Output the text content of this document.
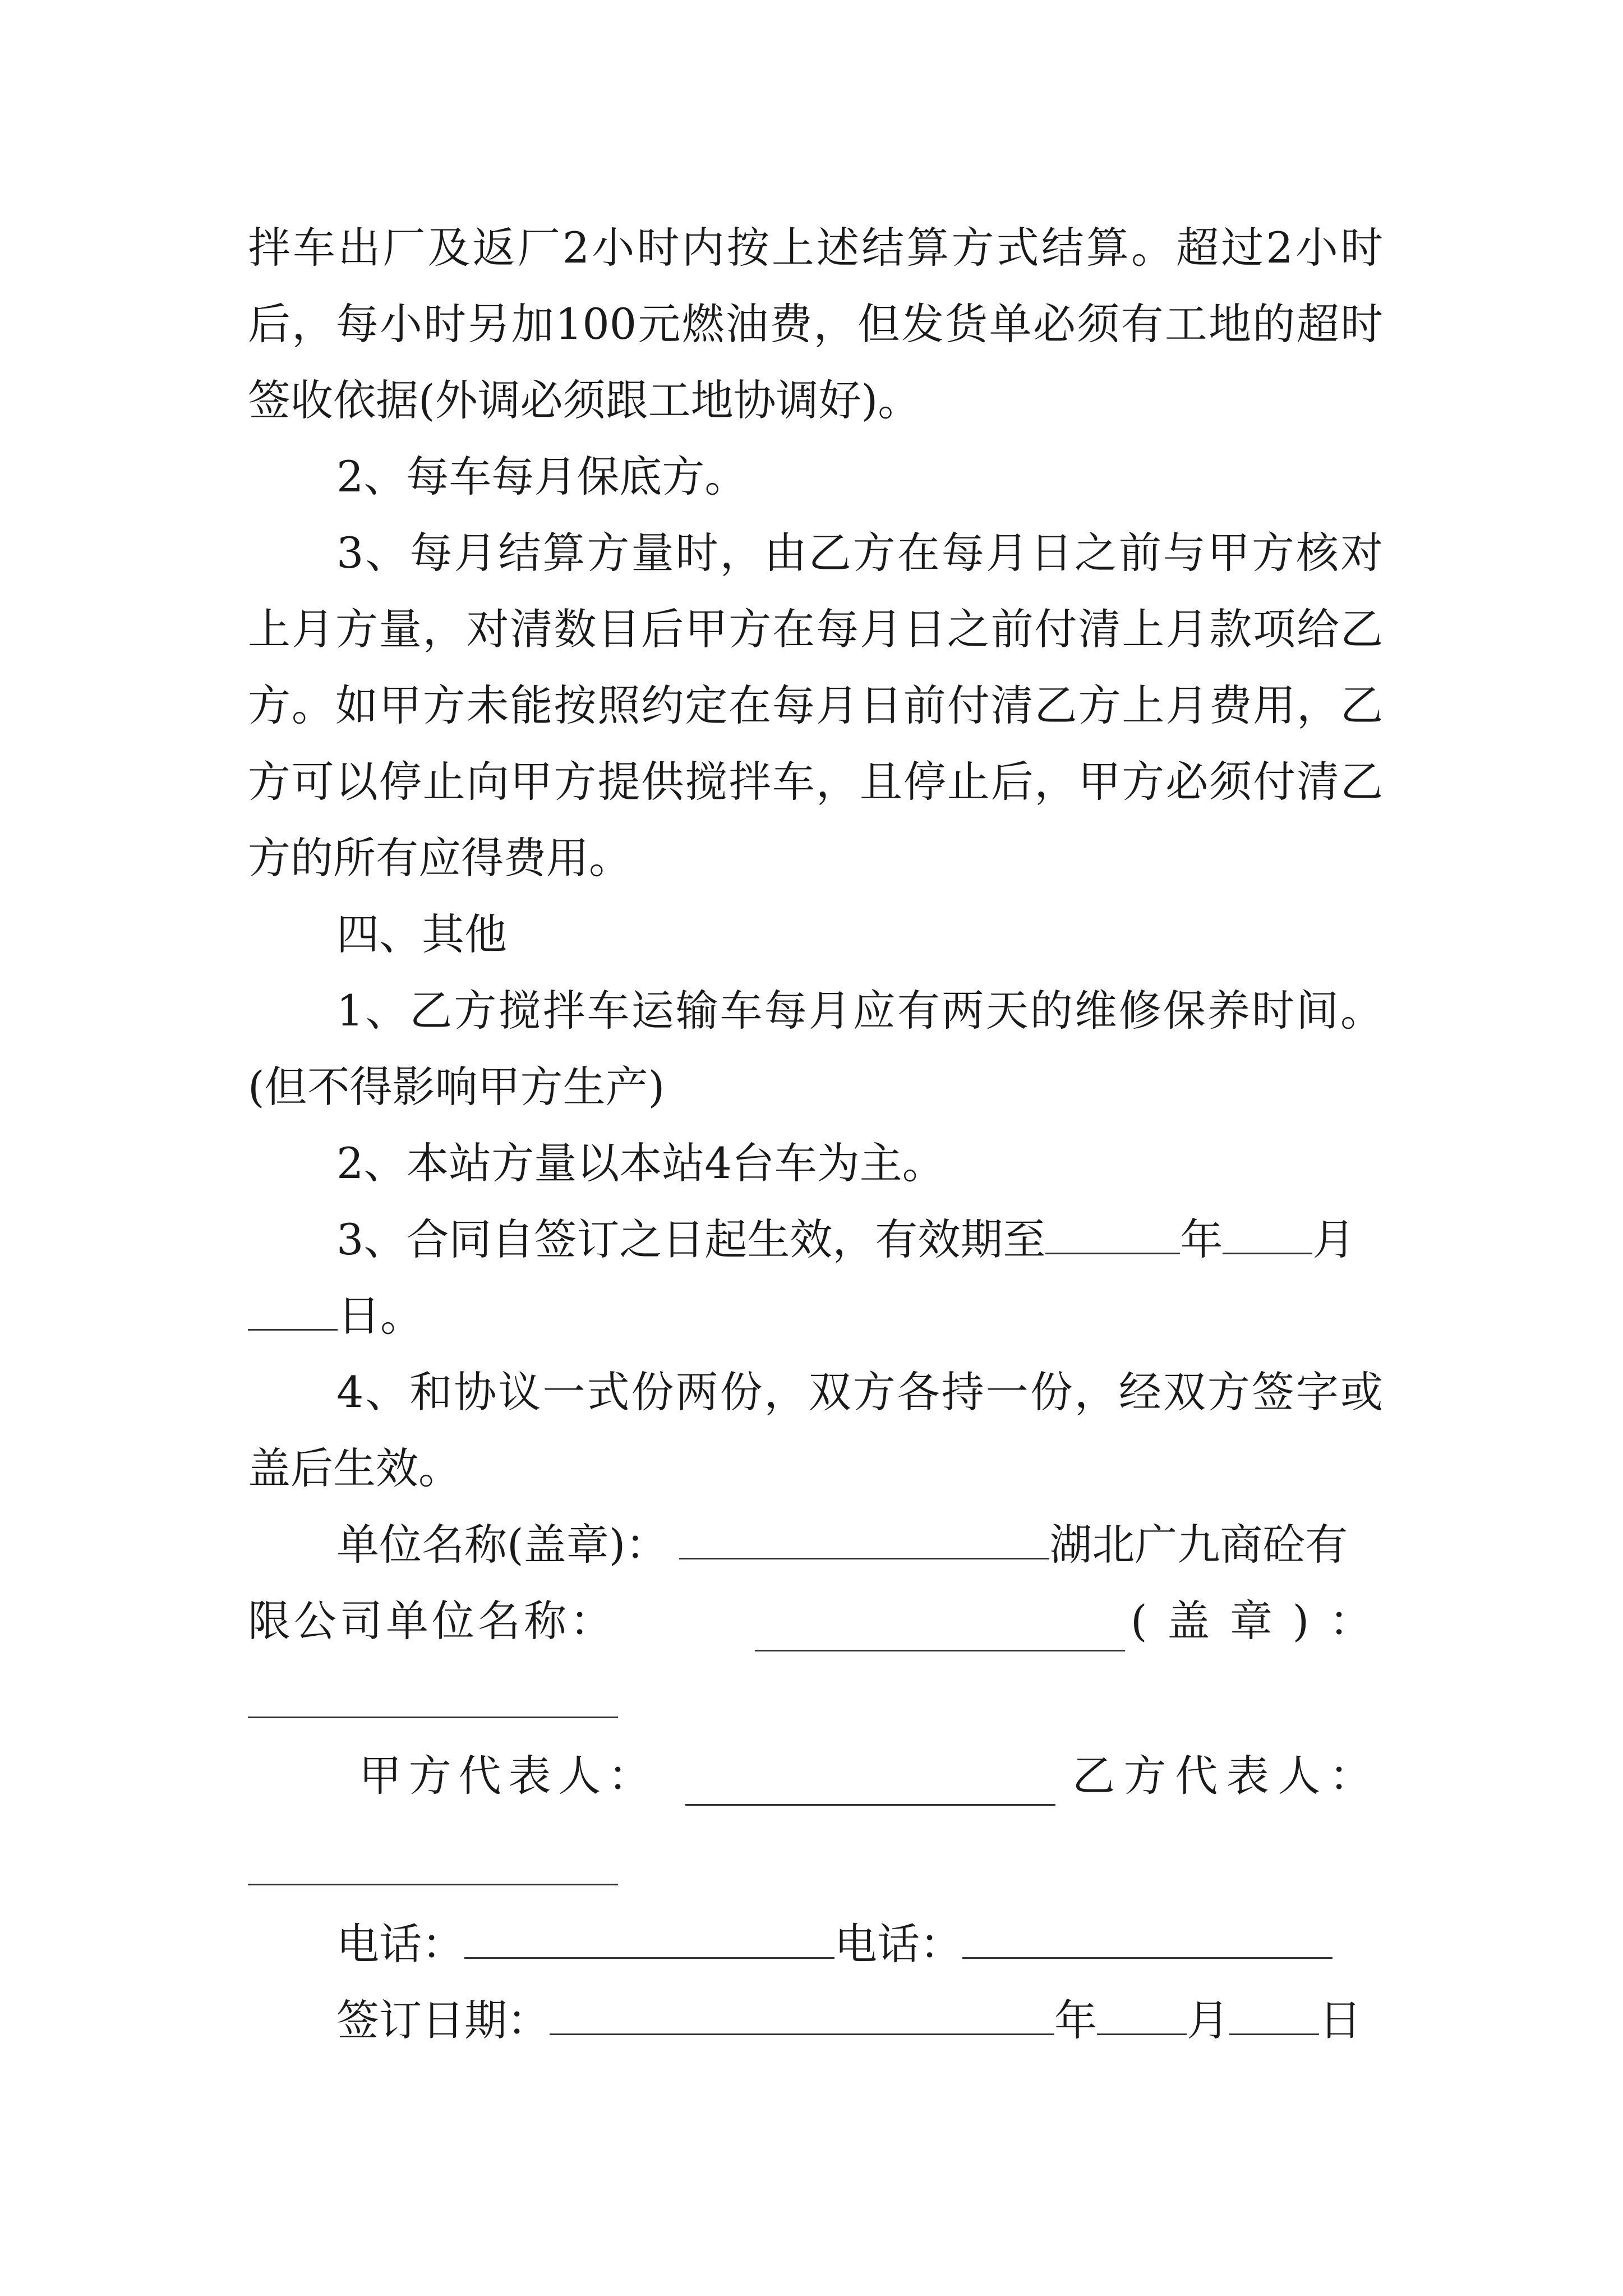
拌车出厂及返厂2小时内按上述结算方式结算。超过2小时
后，每小时另加100元燃油费，但发货单必须有工地的超时
签收依据(外调必须跟工地协调好)。
2、每车每月保底方。
3、每月结算方量时，由乙方在每月日之前与甲方核对
上月方量，对清数目后甲方在每月日之前付清上月款项给乙
方。如甲方未能按照约定在每月日前付清乙方上月费用，乙
方可以停止向甲方提供搅拌车，且停止后，甲方必须付清乙
方的所有应得费用。
四、其他
1、乙方搅拌车运输车每月应有两天的维修保养时间。
(但不得影响甲方生产)
2、本站方量以本站4台车为主。
3、合同自签订之日起生效，有效期至	年 月
日。
4、和协议一式份两份，双方各持一份，经双方签字或
盖后生效。
单位名称(盖章)：	湖北广九商砼有
限公司单位名称：	(盖章)：
甲方代表人：	乙方代表人：
电话：	电话：
签订日期：	年 月 日
